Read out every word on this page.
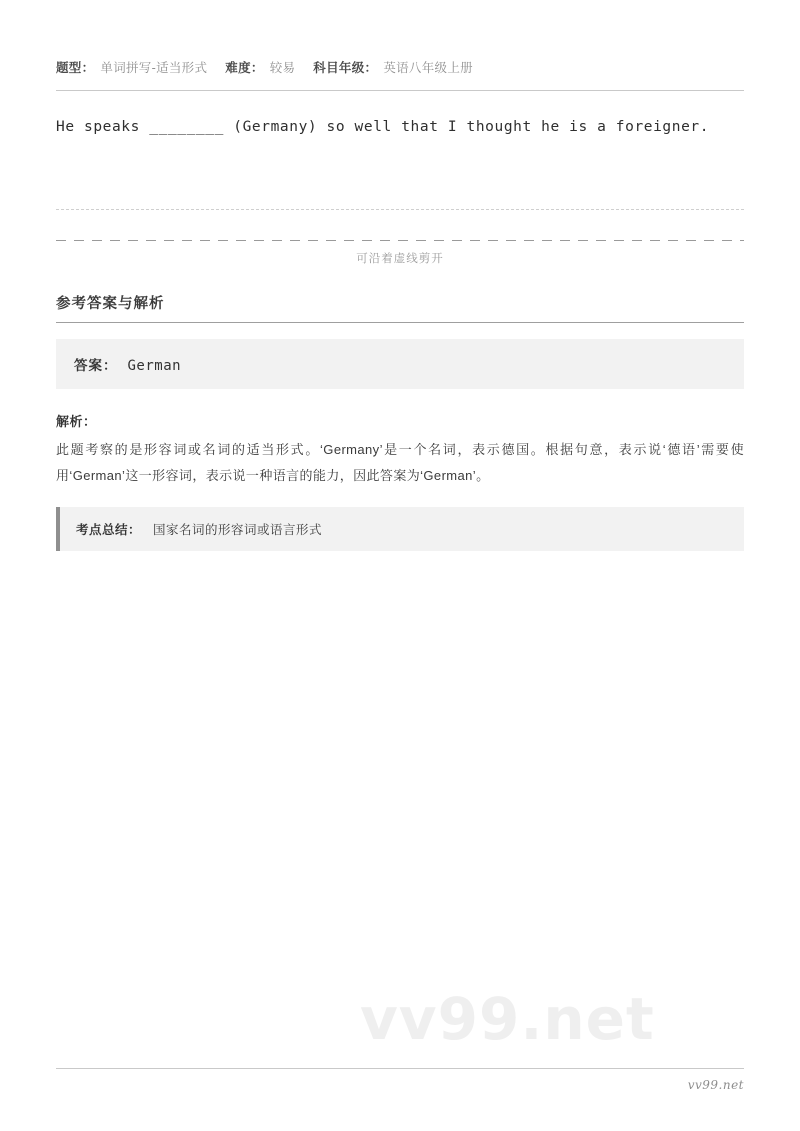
题型： 单词拼写-适当形式 难度： 较易 科目年级： 英语八年级上册
He speaks ________ (Germany) so well that I thought he is a foreigner.
可沿着虚线剪开
参考答案与解析
答案： German
解析：
此题考察的是形容词或名词的适当形式。‘Germany’是一个名词，表示德国。根据句意，表示说‘德语’需要使用‘German’这一形容词，表示说一种语言的能力，因此答案为‘German’。
考点总结： 国家名词的形容词或语言形式
vv99.net
vv99.net
